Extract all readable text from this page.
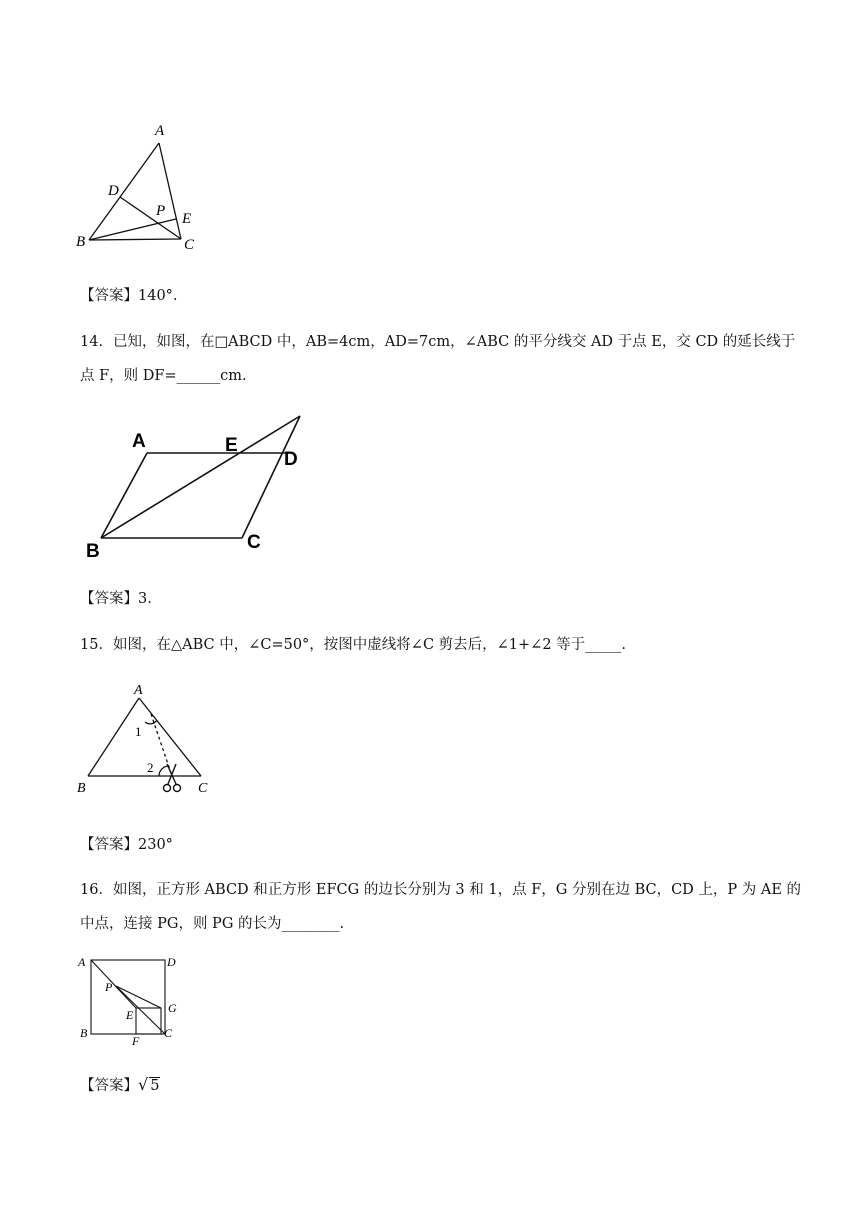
A
D
P E
B	C
【答案】140°.
14．已知，如图，在□ABCD 中，AB=4cm，AD=7cm，∠ABC 的平分线交 AD 于点 E，交 CD 的延长线于
点 F，则 DF=______cm.
A	E
D
B	C
【答案】3.
15．如图，在△ABC 中，∠C=50°，按图中虚线将∠C 剪去后，∠1+∠2 等于_____.
A
1
2
B	C
【答案】230°
16．如图，正方形 ABCD 和正方形 EFCG 的边长分别为 3 和 1，点 F，G 分别在边 BC，CD 上，P 为 AE 的
中点，连接 PG，则 PG 的长为________.
A	D
P
G
E
B	C
F
【答案】√ 5
